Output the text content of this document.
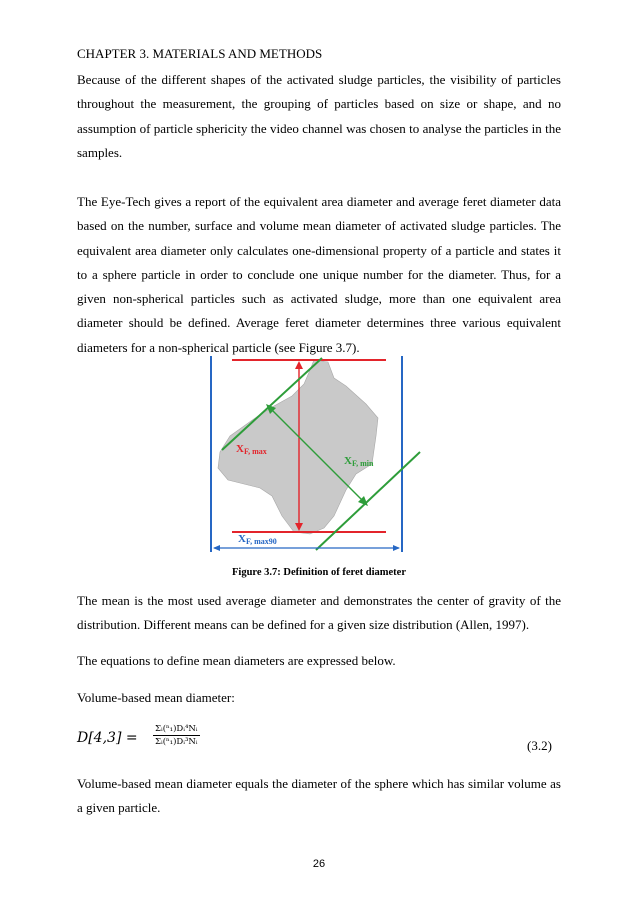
CHAPTER 3. MATERIALS AND METHODS

Because of the different shapes of the activated sludge particles, the visibility of particles throughout the measurement, the grouping of particles based on size or shape, and no assumption of particle sphericity the video channel was chosen to analyse the particles in the samples.

The Eye-Tech gives a report of the equivalent area diameter and average feret diameter data based on the number, surface and volume mean diameter of activated sludge particles. The equivalent area diameter only calculates one-dimensional property of a particle and states it to a sphere particle in order to conclude one unique number for the diameter. Thus, for a given non-spherical particles such as activated sludge, more than one equivalent area diameter should be defined. Average feret diameter determines three various equivalent diameters for a non-spherical particle (see Figure 3.7).

XF, min
XF, max
XF, max90
Figure 3.7: Definition of feret diameter

The mean is the most used average diameter and demonstrates the center of gravity of the distribution. Different means can be defined for a given size distribution (Allen, 1997).

The equations to define mean diameters are expressed below.
Volume-based mean diameter:
D[4,3] =
Σᵢ(ⁿ₁)Dᵢ⁴Nᵢ
Σᵢ(ⁿ₁)Dᵢ³Nᵢ	(3.2)

Volume-based mean diameter equals the diameter of the sphere which has similar volume as a given particle.

26
